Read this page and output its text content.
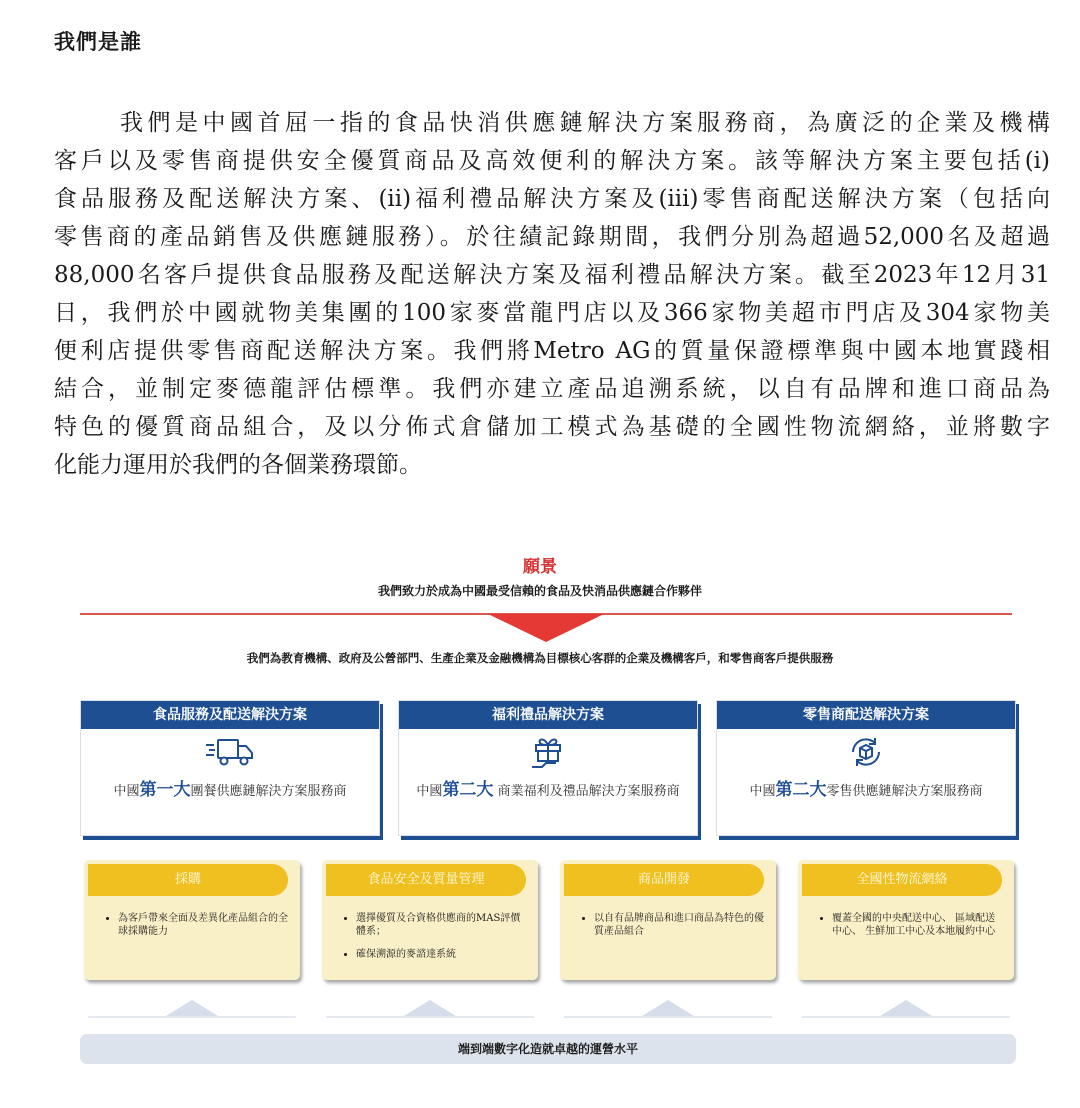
我們是誰
我們是中國首屈一指的食品快消供應鏈解決方案服務商，為廣泛的企業及機構
客戶以及零售商提供安全優質商品及高效便利的解決方案。該等解決方案主要包括(i)
食品服務及配送解決方案、(ii)福利禮品解決方案及(iii)零售商配送解決方案（包括向
零售商的產品銷售及供應鏈服務）。於往績記錄期間，我們分別為超過52,000名及超過
88,000名客戶提供食品服務及配送解決方案及福利禮品解決方案。截至2023年12月31
日，我們於中國就物美集團的100家麥當龍門店以及366家物美超市門店及304家物美
便利店提供零售商配送解決方案。我們將Metro AG的質量保證標準與中國本地實踐相
結合，並制定麥德龍評估標準。我們亦建立產品追溯系統，以自有品牌和進口商品為
特色的優質商品組合，及以分佈式倉儲加工模式為基礎的全國性物流網絡，並將數字
化能力運用於我們的各個業務環節。
願景
我們致力於成為中國最受信賴的食品及快消品供應鏈合作夥伴
我們為教育機構、政府及公營部門、生產企業及金融機構為目標核心客群的企業及機構客戶，和零售商客戶提供服務
食品服務及配送解決方案
中國第一大團餐供應鏈解決方案服務商
福利禮品解決方案
中國第二大 商業福利及禮品解決方案服務商
零售商配送解決方案
中國第二大零售供應鏈解決方案服務商
採購
• 為客戶帶來全面及差異化產品組合的全球採購能力
食品安全及質量管理
• 選擇優質及合資格供應商的MAS評價體系；
• 確保溯源的麥諮達系統
商品開發
• 以自有品牌商品和進口商品為特色的優質產品組合
全國性物流網絡
• 覆蓋全國的中央配送中心、 區域配送中心、 生鮮加工中心及本地履約中心
端到端數字化造就卓越的運營水平
